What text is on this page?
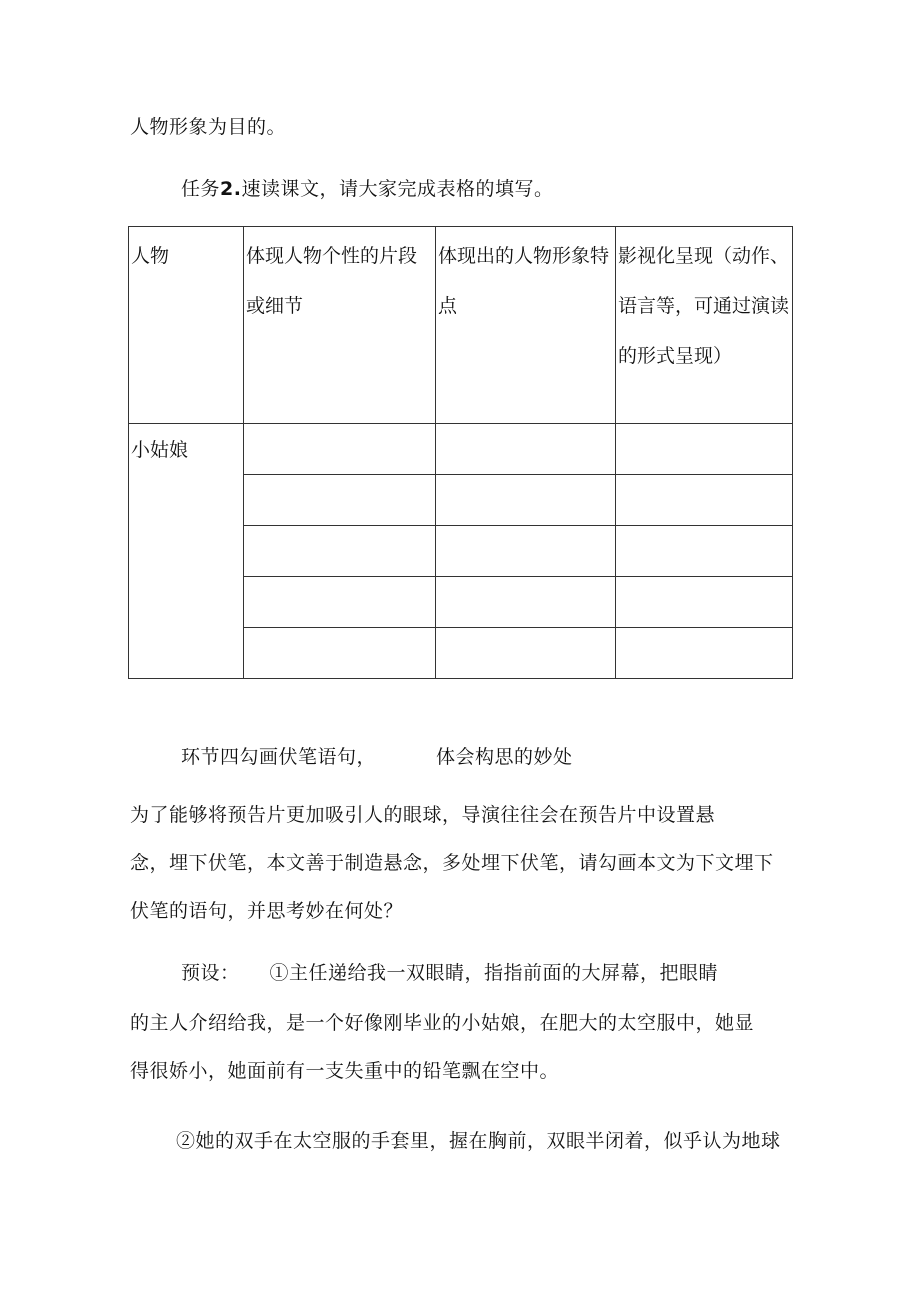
人物形象为目的。
任务2.速读课文，请大家完成表格的填写。
人物	体现人物个性的片段或细节	体现出的人物形象特点	影视化呈现（动作、语言等，可通过演读的形式呈现）
小姑娘			

环节四勾画伏笔语句，	体会构思的妙处
为了能够将预告片更加吸引人的眼球，导演往往会在预告片中设置悬
念，埋下伏笔，本文善于制造悬念，多处埋下伏笔，请勾画本文为下文埋下
伏笔的语句，并思考妙在何处？
预设： ①主任递给我一双眼睛，指指前面的大屏幕，把眼睛
的主人介绍给我，是一个好像刚毕业的小姑娘，在肥大的太空服中，她显
得很娇小，她面前有一支失重中的铅笔飘在空中。
②她的双手在太空服的手套里，握在胸前，双眼半闭着，似乎认为地球
